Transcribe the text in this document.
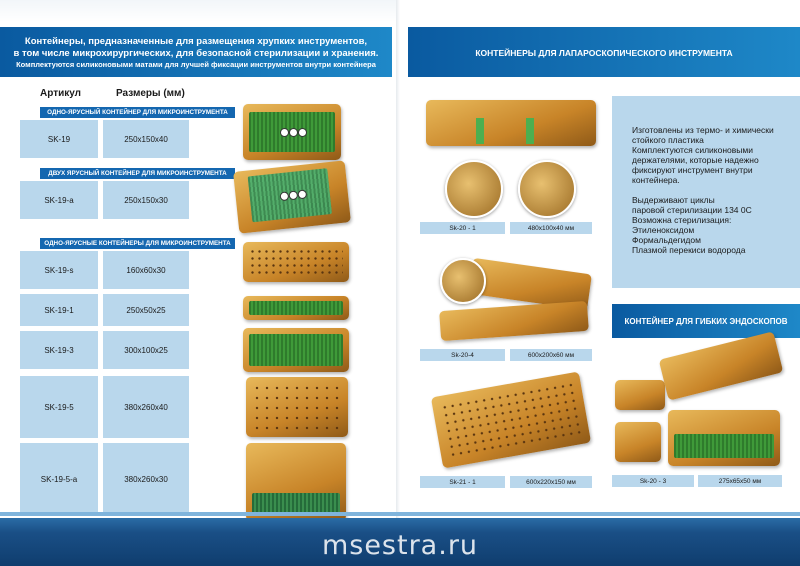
Контейнеры, предназначенные для размещения хрупких инструментов,
в том числе микрохирургических, для безопасной стерилизации и хранения.
Комплектуются силиконовыми матами для лучшей фиксации инструментов внутри контейнера
Артикул	Размеры (мм)
ОДНО-ЯРУСНЫЙ КОНТЕЙНЕР ДЛЯ МИКРОИНСТРУМЕНТА
SK-19	250x150x40
ДВУХ ЯРУСНЫЙ КОНТЕЙНЕР ДЛЯ МИКРОИНСТРУМЕНТА
SK-19-a	250x150x30
ОДНО-ЯРУСНЫЕ КОНТЕЙНЕРЫ ДЛЯ МИКРОИНСТРУМЕНТА
SK-19-s	160x60x30
SK-19-1	250x50x25
SK-19-3	300x100x25
SK-19-5	380x260x40
SK-19-5-a	380x260x30
КОНТЕЙНЕРЫ ДЛЯ ЛАПАРОСКОПИЧЕСКОГО ИНСТРУМЕНТА
Sk-20 - 1	480x100x40 мм
Sk-20-4	600x200x60 мм
Sk-21 - 1	600x220x150 мм
Изготовлены из термо- и химически
стойкого пластика
Комплектуются силиконовыми
держателями, которые надежно
фиксируют инструмент внутри
контейнера.
Выдерживают циклы
паровой стерилизации 134 0С
Возможна стерилизация:
Этиленоксидом
Формальдегидом
Плазмой перекиси водорода
КОНТЕЙНЕР ДЛЯ ГИБКИХ ЭНДОСКОПОВ
Sk-20 - 3	275x65x50 мм
msestra.ru
